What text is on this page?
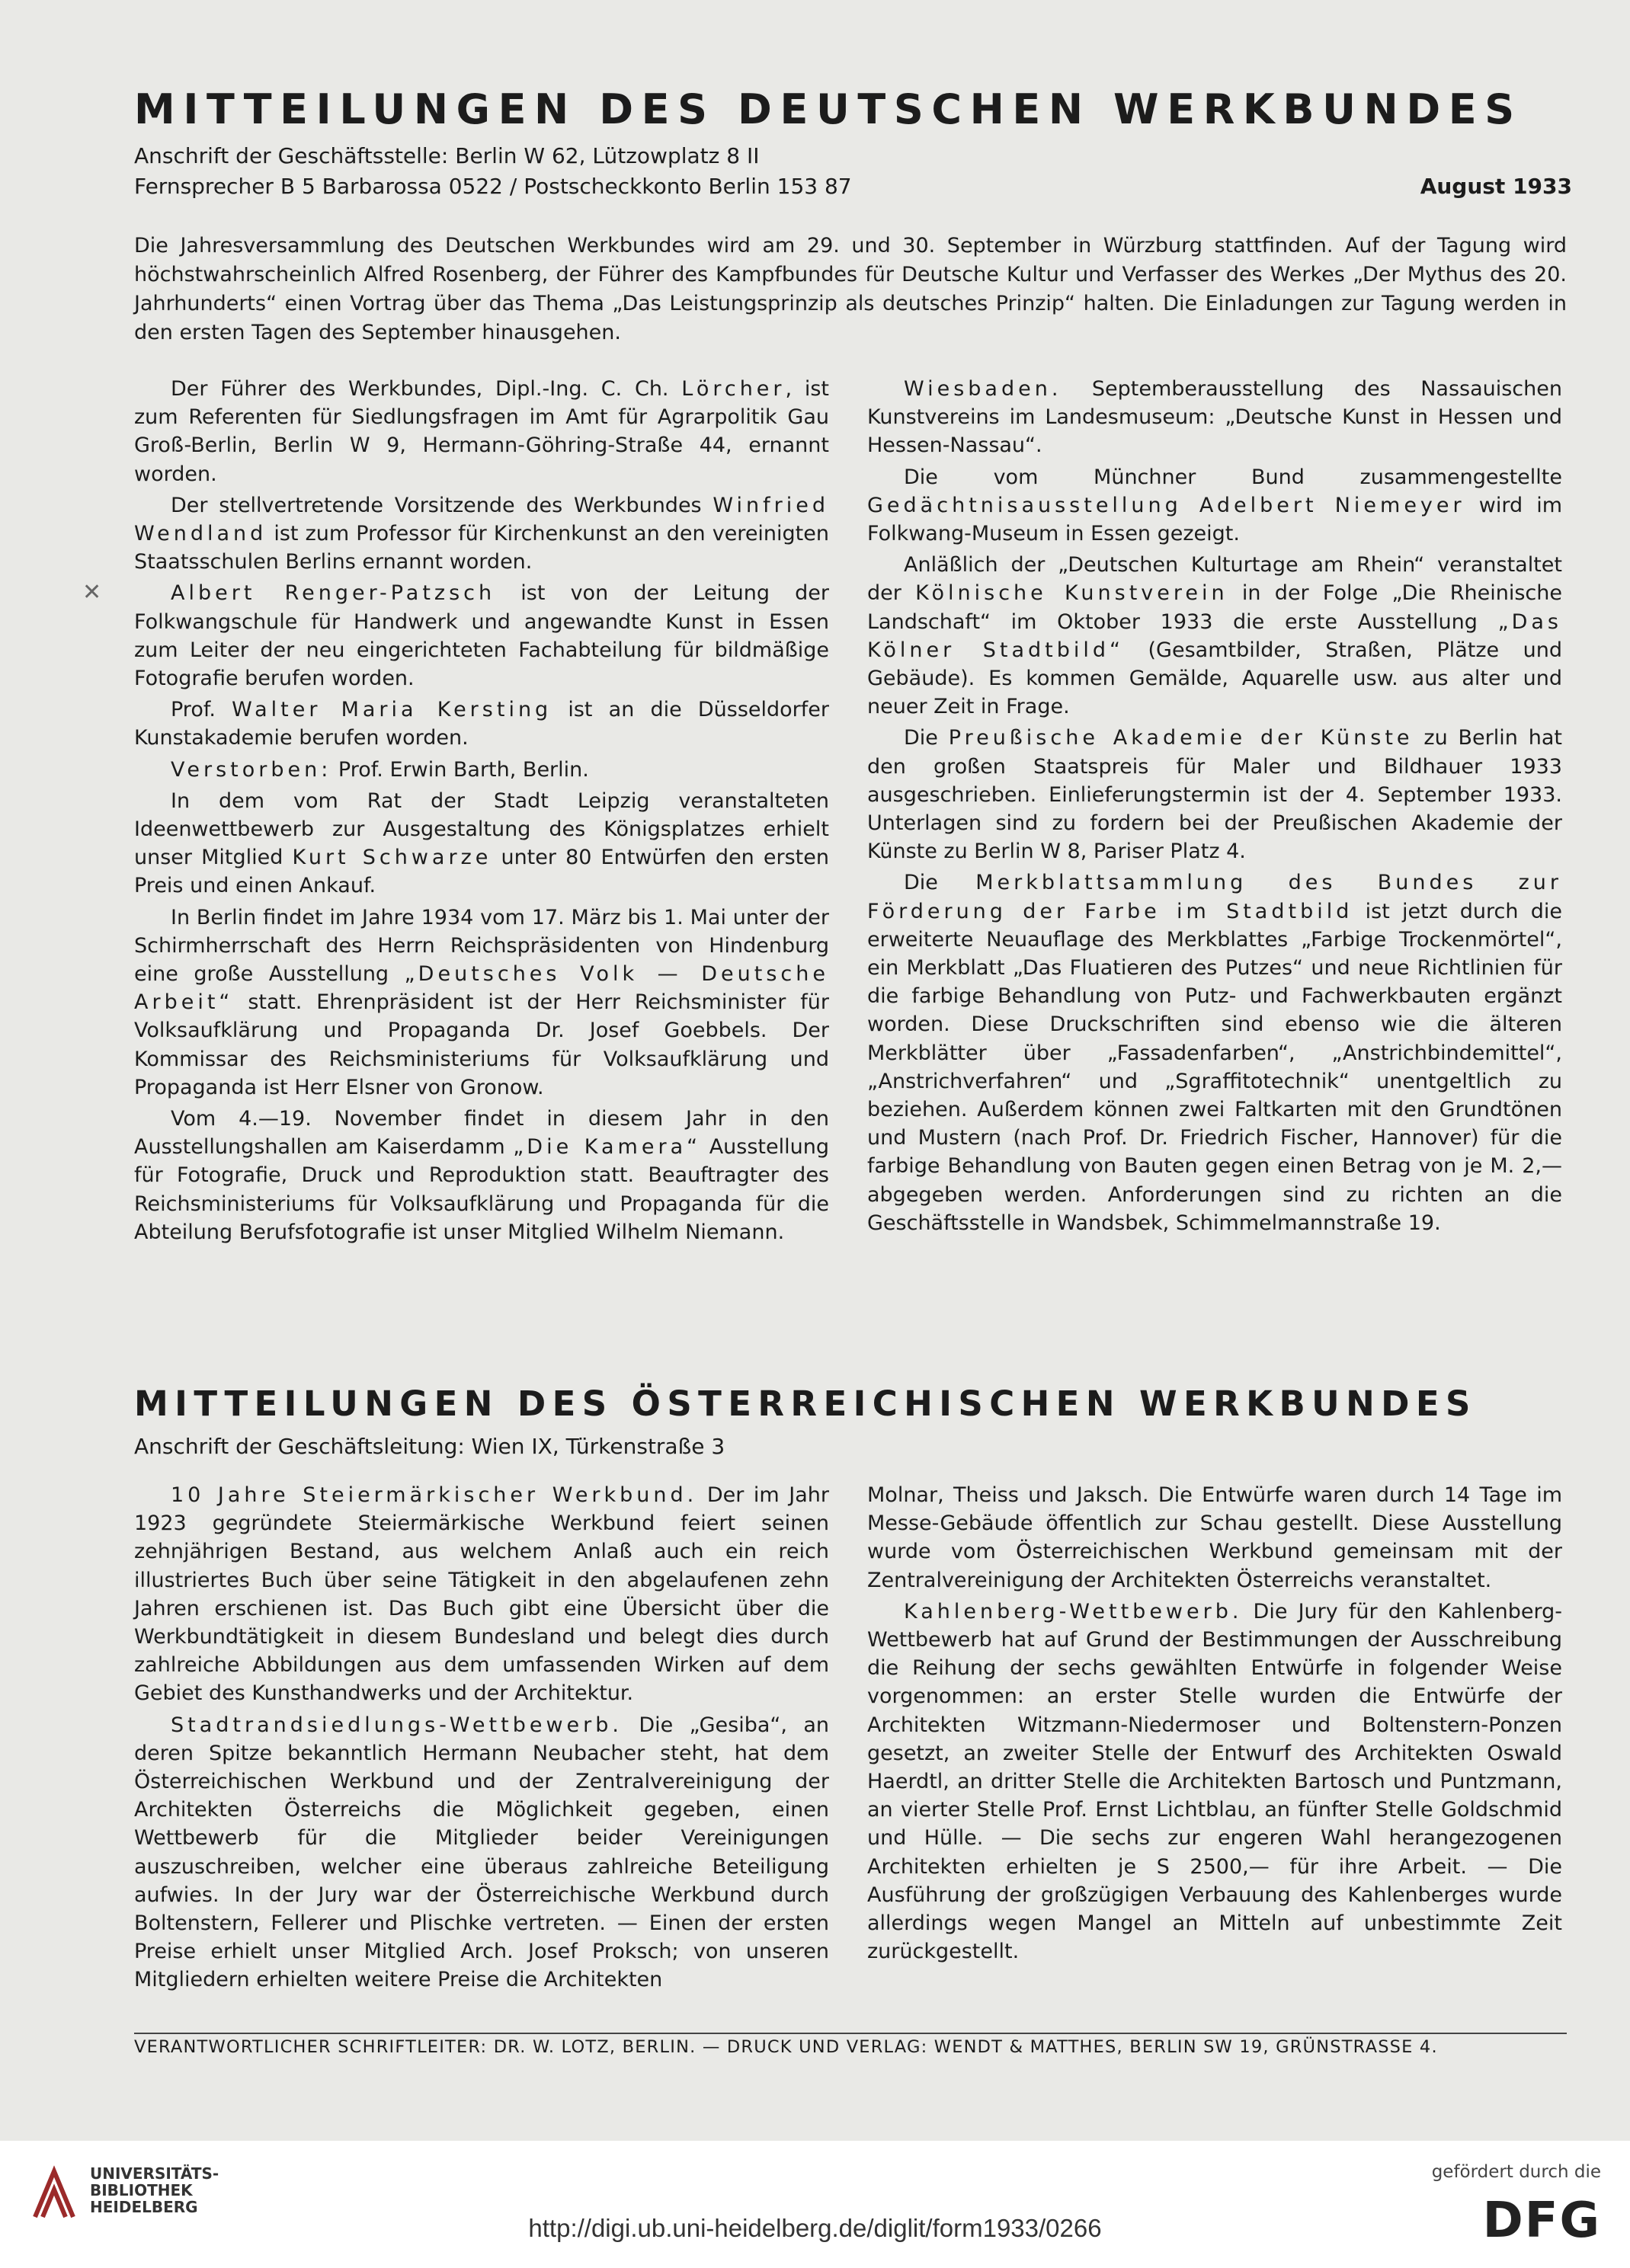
MITTEILUNGEN DES DEUTSCHEN WERKBUNDES
Anschrift der Geschäftsstelle: Berlin W 62, Lützowplatz 8 II
Fernsprecher B 5 Barbarossa 0522 / Postscheckkonto Berlin 153 87	August 1933
Die Jahresversammlung des Deutschen Werkbundes wird am 29. und 30. September in Würzburg stattfinden. Auf der Tagung wird höchstwahrscheinlich Alfred Rosenberg, der Führer des Kampfbundes für Deutsche Kultur und Verfasser des Werkes „Der Mythus des 20. Jahrhunderts“ einen Vortrag über das Thema „Das Leistungsprinzip als deutsches Prinzip“ halten. Die Einladungen zur Tagung werden in den ersten Tagen des September hinausgehen.

Der Führer des Werkbundes, Dipl.-Ing. C. Ch. Lörcher, ist zum Referenten für Siedlungsfragen im Amt für Agrarpolitik Gau Groß-Berlin, Berlin W 9, Hermann-Göhring-Straße 44, ernannt worden.

Der stellvertretende Vorsitzende des Werkbundes Winfried Wendland ist zum Professor für Kirchenkunst an den vereinigten Staatsschulen Berlins ernannt worden.

Albert Renger-Patzsch ist von der Leitung der Folkwangschule für Handwerk und angewandte Kunst in Essen zum Leiter der neu eingerichteten Fachabteilung für bildmäßige Fotografie berufen worden.

Prof. Walter Maria Kersting ist an die Düsseldorfer Kunstakademie berufen worden.

Verstorben: Prof. Erwin Barth, Berlin.

In dem vom Rat der Stadt Leipzig veranstalteten Ideenwettbewerb zur Ausgestaltung des Königsplatzes erhielt unser Mitglied Kurt Schwarze unter 80 Entwürfen den ersten Preis und einen Ankauf.

In Berlin findet im Jahre 1934 vom 17. März bis 1. Mai unter der Schirmherrschaft des Herrn Reichspräsidenten von Hindenburg eine große Ausstellung „Deutsches Volk — Deutsche Arbeit“ statt. Ehrenpräsident ist der Herr Reichsminister für Volksaufklärung und Propaganda Dr. Josef Goebbels. Der Kommissar des Reichsministeriums für Volksaufklärung und Propaganda ist Herr Elsner von Gronow.

Vom 4.—19. November findet in diesem Jahr in den Ausstellungshallen am Kaiserdamm „Die Kamera“ Ausstellung für Fotografie, Druck und Reproduktion statt. Beauftragter des Reichsministeriums für Volksaufklärung und Propaganda für die Abteilung Berufsfotografie ist unser Mitglied Wilhelm Niemann.

Wiesbaden. Septemberausstellung des Nassauischen Kunstvereins im Landesmuseum: „Deutsche Kunst in Hessen und Hessen-Nassau“.

Die vom Münchner Bund zusammengestellte Gedächtnisausstellung Adelbert Niemeyer wird im Folkwang-Museum in Essen gezeigt.

Anläßlich der „Deutschen Kulturtage am Rhein“ veranstaltet der Kölnische Kunstverein in der Folge „Die Rheinische Landschaft“ im Oktober 1933 die erste Ausstellung „Das Kölner Stadtbild“ (Gesamtbilder, Straßen, Plätze und Gebäude). Es kommen Gemälde, Aquarelle usw. aus alter und neuer Zeit in Frage.

Die Preußische Akademie der Künste zu Berlin hat den großen Staatspreis für Maler und Bildhauer 1933 ausgeschrieben. Einlieferungstermin ist der 4. September 1933. Unterlagen sind zu fordern bei der Preußischen Akademie der Künste zu Berlin W 8, Pariser Platz 4.

Die Merkblattsammlung des Bundes zur Förderung der Farbe im Stadtbild ist jetzt durch die erweiterte Neuauflage des Merkblattes „Farbige Trockenmörtel“, ein Merkblatt „Das Fluatieren des Putzes“ und neue Richtlinien für die farbige Behandlung von Putz- und Fachwerkbauten ergänzt worden. Diese Druckschriften sind ebenso wie die älteren Merkblätter über „Fassadenfarben“, „Anstrichbindemittel“, „Anstrichverfahren“ und „Sgraffitotechnik“ unentgeltlich zu beziehen. Außerdem können zwei Faltkarten mit den Grundtönen und Mustern (nach Prof. Dr. Friedrich Fischer, Hannover) für die farbige Behandlung von Bauten gegen einen Betrag von je M. 2,— abgegeben werden. Anforderungen sind zu richten an die Geschäftsstelle in Wandsbek, Schimmelmannstraße 19.

MITTEILUNGEN DES ÖSTERREICHISCHEN WERKBUNDES
Anschrift der Geschäftsleitung: Wien IX, Türkenstraße 3

10 Jahre Steiermärkischer Werkbund. Der im Jahr 1923 gegründete Steiermärkische Werkbund feiert seinen zehnjährigen Bestand, aus welchem Anlaß auch ein reich illustriertes Buch über seine Tätigkeit in den abgelaufenen zehn Jahren erschienen ist. Das Buch gibt eine Übersicht über die Werkbundtätigkeit in diesem Bundesland und belegt dies durch zahlreiche Abbildungen aus dem umfassenden Wirken auf dem Gebiet des Kunsthandwerks und der Architektur.

Stadtrandsiedlungs-Wettbewerb. Die „Gesiba“, an deren Spitze bekanntlich Hermann Neubacher steht, hat dem Österreichischen Werkbund und der Zentralvereinigung der Architekten Österreichs die Möglichkeit gegeben, einen Wettbewerb für die Mitglieder beider Vereinigungen auszuschreiben, welcher eine überaus zahlreiche Beteiligung aufwies. In der Jury war der Österreichische Werkbund durch Boltenstern, Fellerer und Plischke vertreten. — Einen der ersten Preise erhielt unser Mitglied Arch. Josef Proksch; von unseren Mitgliedern erhielten weitere Preise die Architekten

Molnar, Theiss und Jaksch. Die Entwürfe waren durch 14 Tage im Messe-Gebäude öffentlich zur Schau gestellt. Diese Ausstellung wurde vom Österreichischen Werkbund gemeinsam mit der Zentralvereinigung der Architekten Österreichs veranstaltet.

Kahlenberg-Wettbewerb. Die Jury für den Kahlenberg-Wettbewerb hat auf Grund der Bestimmungen der Ausschreibung die Reihung der sechs gewählten Entwürfe in folgender Weise vorgenommen: an erster Stelle wurden die Entwürfe der Architekten Witzmann-Niedermoser und Boltenstern-Ponzen gesetzt, an zweiter Stelle der Entwurf des Architekten Oswald Haerdtl, an dritter Stelle die Architekten Bartosch und Puntzmann, an vierter Stelle Prof. Ernst Lichtblau, an fünfter Stelle Goldschmid und Hülle. — Die sechs zur engeren Wahl herangezogenen Architekten erhielten je S 2500,— für ihre Arbeit. — Die Ausführung der großzügigen Verbauung des Kahlenberges wurde allerdings wegen Mangel an Mitteln auf unbestimmte Zeit zurückgestellt.

VERANTWORTLICHER SCHRIFTLEITER: DR. W. LOTZ, BERLIN. — DRUCK UND VERLAG: WENDT & MATTHES, BERLIN SW 19, GRÜNSTRASSE 4.
✕
UNIVERSITÄTS-
BIBLIOTHEK
HEIDELBERG
http://digi.ub.uni-heidelberg.de/diglit/form1933/0266
gefördert durch die
DFG
